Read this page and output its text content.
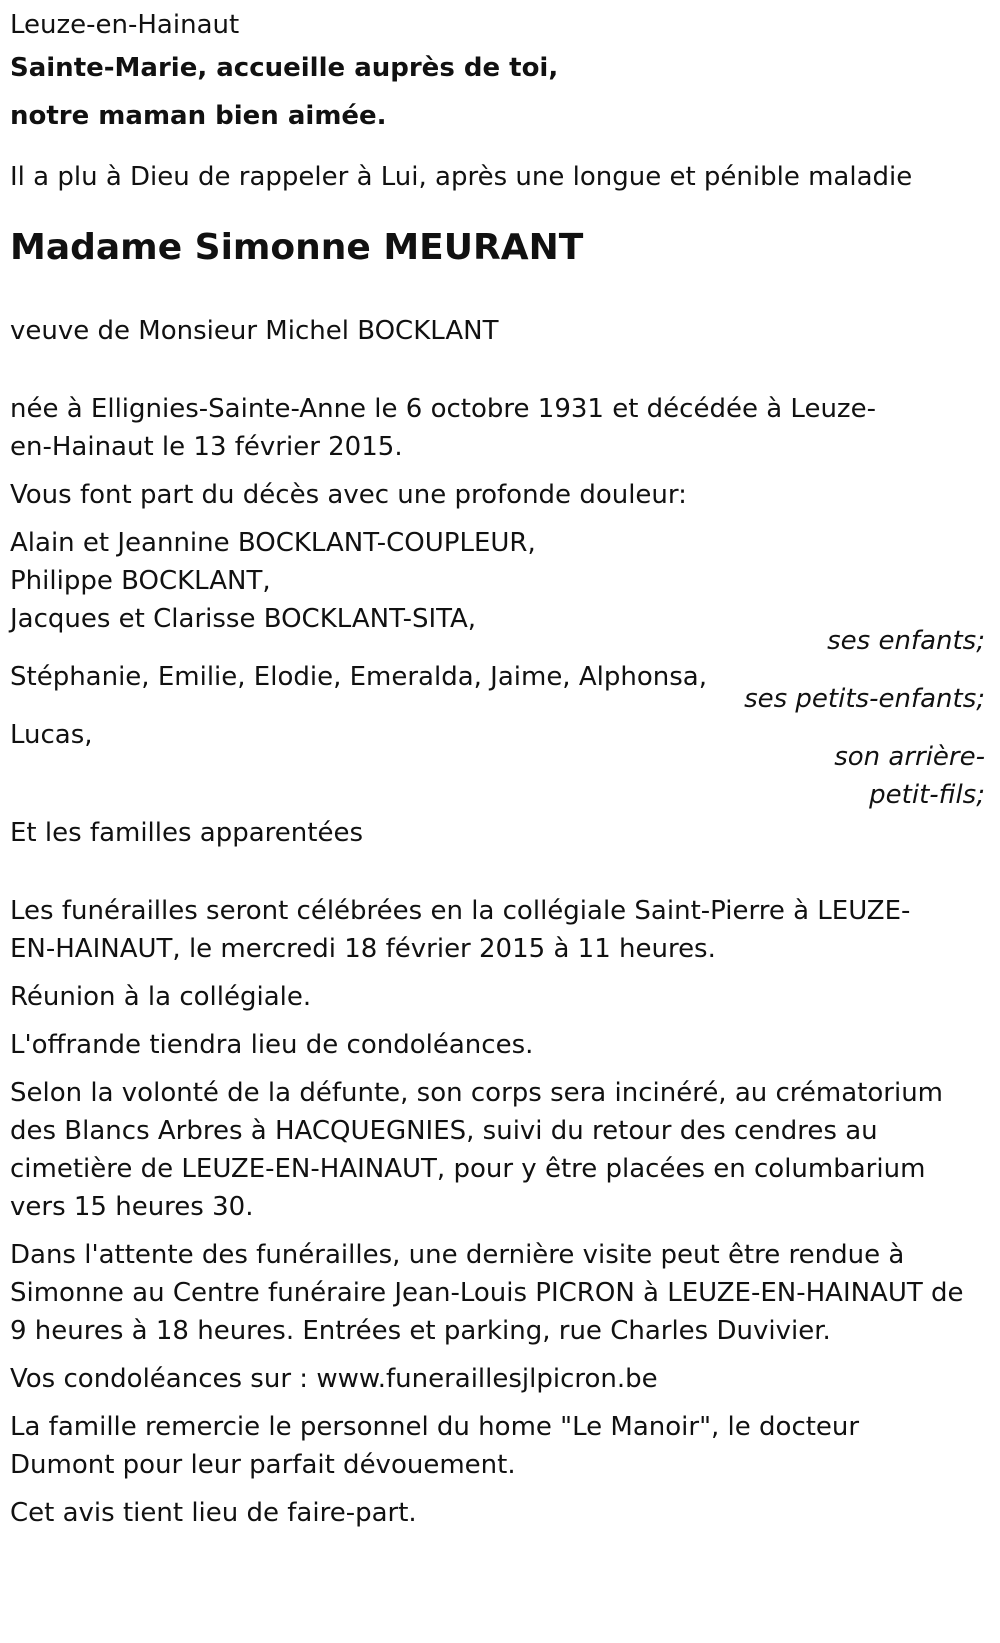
Leuze-en-Hainaut

Sainte-Marie, accueille auprès de toi,

notre maman bien aimée.

Il a plu à Dieu de rappeler à Lui, après une longue et pénible maladie

Madame Simonne MEURANT

veuve de Monsieur Michel BOCKLANT

née à Ellignies-Sainte-Anne le 6 octobre 1931 et décédée à Leuze-

en-Hainaut le 13 février 2015.

Vous font part du décès avec une profonde douleur:

Alain et Jeannine BOCKLANT-COUPLEUR,

Philippe BOCKLANT,

Jacques et Clarisse BOCKLANT-SITA,

ses enfants;

Stéphanie, Emilie, Elodie, Emeralda, Jaime, Alphonsa,

ses petits-enfants;

Lucas,

son arrière-

petit-fils;

Et les familles apparentées

Les funérailles seront célébrées en la collégiale Saint-Pierre à LEUZE-

EN-HAINAUT, le mercredi 18 février 2015 à 11 heures.

Réunion à la collégiale.

L'offrande tiendra lieu de condoléances.

Selon la volonté de la défunte, son corps sera incinéré, au crématorium

des Blancs Arbres à HACQUEGNIES, suivi du retour des cendres au

cimetière de LEUZE-EN-HAINAUT, pour y être placées en columbarium

vers 15 heures 30.

Dans l'attente des funérailles, une dernière visite peut être rendue à

Simonne au Centre funéraire Jean-Louis PICRON à LEUZE-EN-HAINAUT de

9 heures à 18 heures. Entrées et parking, rue Charles Duvivier.

Vos condoléances sur : www.funeraillesjlpicron.be

La famille remercie le personnel du home "Le Manoir", le docteur

Dumont pour leur parfait dévouement.

Cet avis tient lieu de faire-part.
